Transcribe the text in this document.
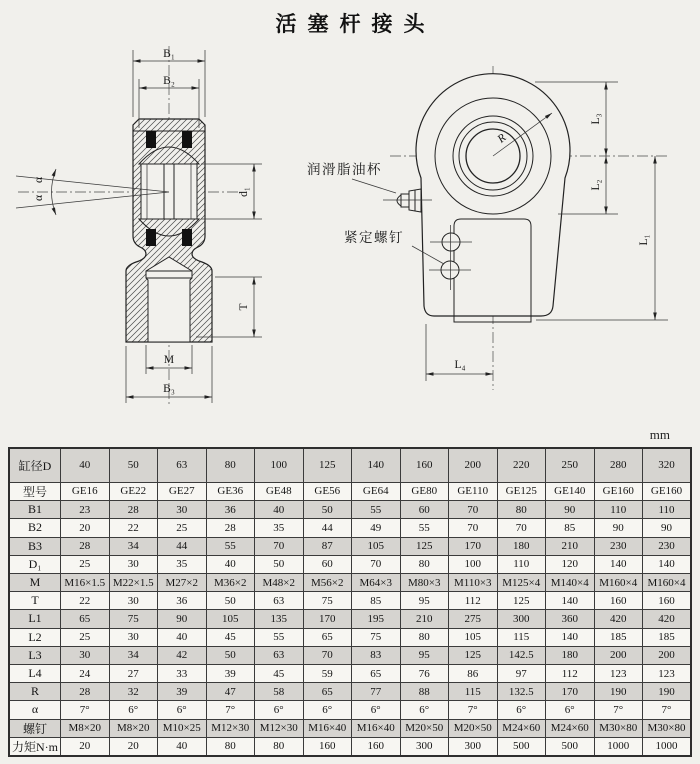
活塞杆接头
α
α
B₁
B₂
d₁
T
M
B₃
R
L₃
L₂
L₁
L₄
润滑脂油杯
紧定螺钉
mm
缸径D	40	50	63	80	100	125	140	160	200	220	250	280	320
型号	GE16	GE22	GE27	GE36	GE48	GE56	GE64	GE80	GE110	GE125	GE140	GE160	GE160
B1	23	28	30	36	40	50	55	60	70	80	90	110	110
B2	20	22	25	28	35	44	49	55	70	70	85	90	90
B3	28	34	44	55	70	87	105	125	170	180	210	230	230
D₁	25	30	35	40	50	60	70	80	100	110	120	140	140
M	M16×1.5	M22×1.5	M27×2	M36×2	M48×2	M56×2	M64×3	M80×3	M110×3	M125×4	M140×4	M160×4	M160×4
T	22	30	36	50	63	75	85	95	112	125	140	160	160
L1	65	75	90	105	135	170	195	210	275	300	360	420	420
L2	25	30	40	45	55	65	75	80	105	115	140	185	185
L3	30	34	42	50	63	70	83	95	125	142.5	180	200	200
L4	24	27	33	39	45	59	65	76	86	97	112	123	123
R	28	32	39	47	58	65	77	88	115	132.5	170	190	190
α	7°	6°	6°	7°	6°	6°	6°	6°	7°	6°	6°	7°	7°
螺钉	M8×20	M8×20	M10×25	M12×30	M12×30	M16×40	M16×40	M20×50	M20×50	M24×60	M24×60	M30×80	M30×80
力矩N·m	20	20	40	80	80	160	160	300	300	500	500	1000	1000
